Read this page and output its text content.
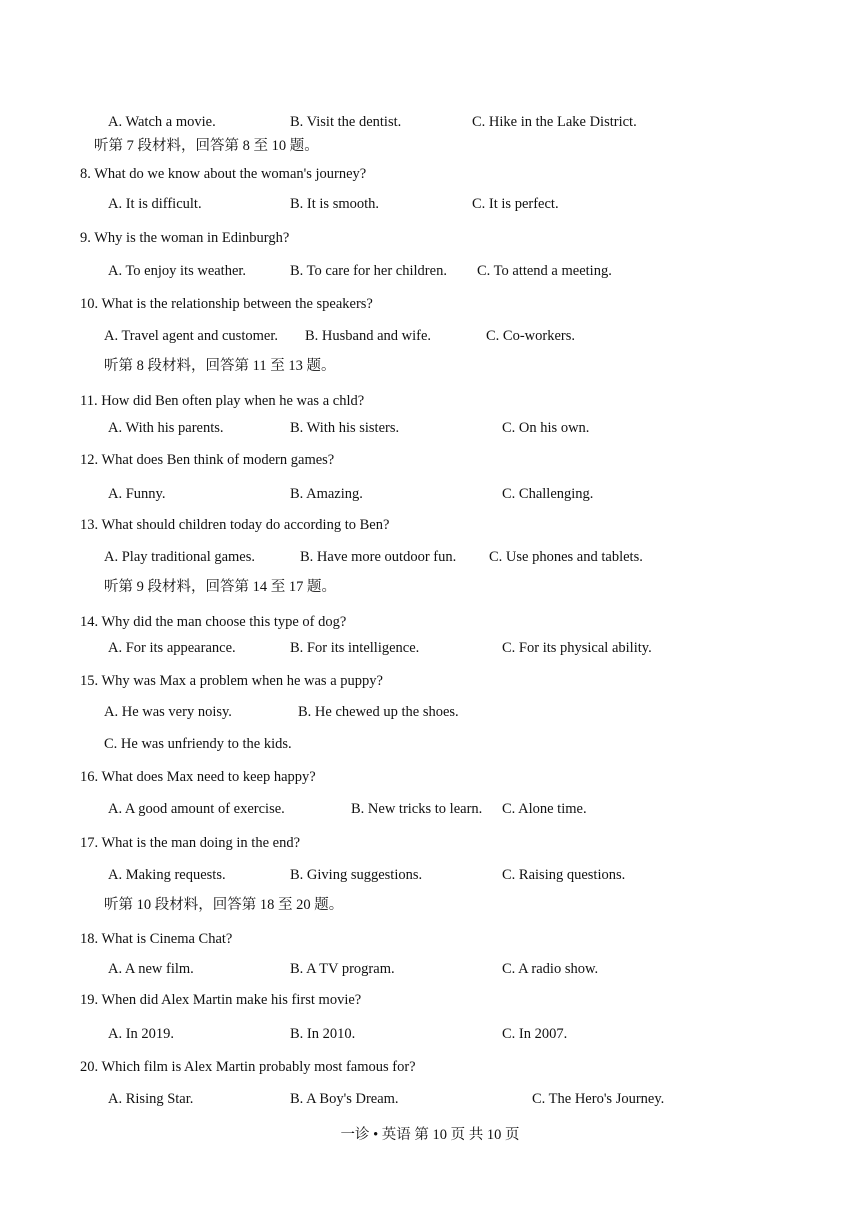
A. Watch a movie.	B. Visit the dentist.	C. Hike in the Lake District.
听第 7 段材料，回答第 8 至 10 题。
8. What do we know about the woman's journey?
A. It is difficult.	B. It is smooth.	C. It is perfect.
9. Why is the woman in Edinburgh?
A. To enjoy its weather.	B. To care for her children. C. To attend a meeting.
10. What is the relationship between the speakers?
A. Travel agent and customer. B. Husband and wife.	C. Co-workers.
听第 8 段材料，回答第 11 至 13 题。
11. How did Ben often play when he was a chld?
A. With his parents.	B. With his sisters.	C. On his own.
12. What does Ben think of modern games?
A. Funny.	B. Amazing.	C. Challenging.
13. What should children today do according to Ben?
A. Play traditional games.	B. Have more outdoor fun. C. Use phones and tablets.
听第 9 段材料，回答第 14 至 17 题。
14. Why did the man choose this type of dog?
A. For its appearance.	B. For its intelligence.	C. For its physical ability.
15. Why was Max a problem when he was a puppy?
A. He was very noisy.	B. He chewed up the shoes.
C. He was unfriendy to the kids.
16. What does Max need to keep happy?
A. A good amount of exercise.	B. New tricks to learn. C. Alone time.
17. What is the man doing in the end?
A. Making requests.	B. Giving suggestions.	C. Raising questions.
听第 10 段材料，回答第 18 至 20 题。
18. What is Cinema Chat?
A. A new film.	B. A TV program.	C. A radio show.
19. When did Alex Martin make his first movie?
A. In 2019.	B. In 2010.	C. In 2007.
20. Which film is Alex Martin probably most famous for?
A. Rising Star.	B. A Boy's Dream.	C. The Hero's Journey.
一诊 • 英语 第 10 页 共 10 页
